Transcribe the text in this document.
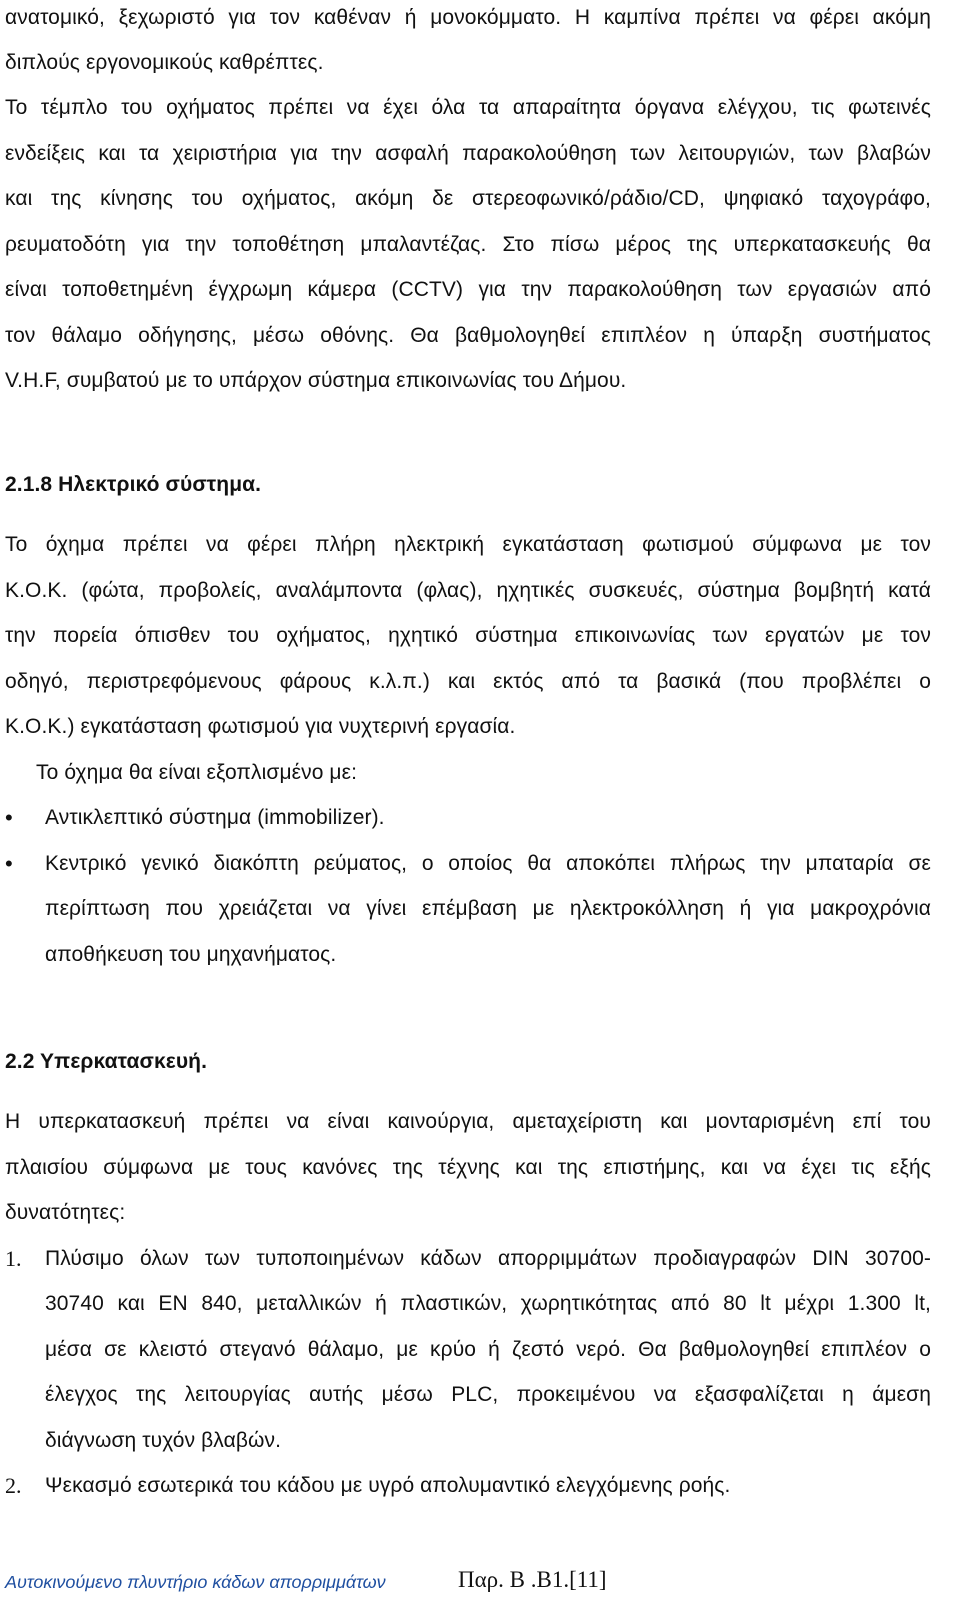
ανατομικό, ξεχωριστό για τον καθέναν ή μονοκόμματο. Η καμπίνα πρέπει να φέρει ακόμη
διπλούς εργονομικούς καθρέπτες.
Το τέμπλο του οχήματος πρέπει να έχει όλα τα απαραίτητα όργανα ελέγχου, τις φωτεινές
ενδείξεις και τα χειριστήρια για την ασφαλή παρακολούθηση των λειτουργιών, των βλαβών
και της κίνησης του οχήματος, ακόμη δε στερεοφωνικό/ράδιο/CD, ψηφιακό ταχογράφο,
ρευματοδότη για την τοποθέτηση μπαλαντέζας. Στο πίσω μέρος της υπερκατασκευής θα
είναι τοποθετημένη έγχρωμη κάμερα (CCTV) για την παρακολούθηση των εργασιών από
τον θάλαμο οδήγησης, μέσω οθόνης. Θα βαθμολογηθεί επιπλέον η ύπαρξη συστήματος
V.H.F, συμβατού με το υπάρχον σύστημα επικοινωνίας του Δήμου.
2.1.8 Ηλεκτρικό σύστημα.
Το όχημα πρέπει να φέρει πλήρη ηλεκτρική εγκατάσταση φωτισμού σύμφωνα με τον
Κ.Ο.Κ. (φώτα, προβολείς, αναλάμποντα (φλας), ηχητικές συσκευές, σύστημα βομβητή κατά
την πορεία όπισθεν του οχήματος, ηχητικό σύστημα επικοινωνίας των εργατών με τον
οδηγό, περιστρεφόμενους φάρους κ.λ.π.) και εκτός από τα βασικά (που προβλέπει ο
Κ.Ο.Κ.) εγκατάσταση φωτισμού για νυχτερινή εργασία.
Το όχημα θα είναι εξοπλισμένο με:
• Αντικλεπτικό σύστημα (immobilizer).
• Κεντρικό γενικό διακόπτη ρεύματος, ο οποίος θα αποκόπει πλήρως την μπαταρία σε
περίπτωση που χρειάζεται να γίνει επέμβαση με ηλεκτροκόλληση ή για μακροχρόνια
αποθήκευση του μηχανήματος.
2.2 Υπερκατασκευή.
Η υπερκατασκευή πρέπει να είναι καινούργια, αμεταχείριστη και μονταρισμένη επί του
πλαισίου σύμφωνα με τους κανόνες της τέχνης και της επιστήμης, και να έχει τις εξής
δυνατότητες:
1. Πλύσιμο όλων των τυποποιημένων κάδων απορριμμάτων προδιαγραφών DIN 30700-
30740 και EN 840, μεταλλικών ή πλαστικών, χωρητικότητας από 80 lt μέχρι 1.300 lt,
μέσα σε κλειστό στεγανό θάλαμο, με κρύο ή ζεστό νερό. Θα βαθμολογηθεί επιπλέον ο
έλεγχος της λειτουργίας αυτής μέσω PLC, προκειμένου να εξασφαλίζεται η άμεση
διάγνωση τυχόν βλαβών.
2. Ψεκασμό εσωτερικά του κάδου με υγρό απολυμαντικό ελεγχόμενης ροής.
Αυτοκινούμενο πλυντήριο κάδων απορριμμάτων	Παρ. Β .Β1.[11]
